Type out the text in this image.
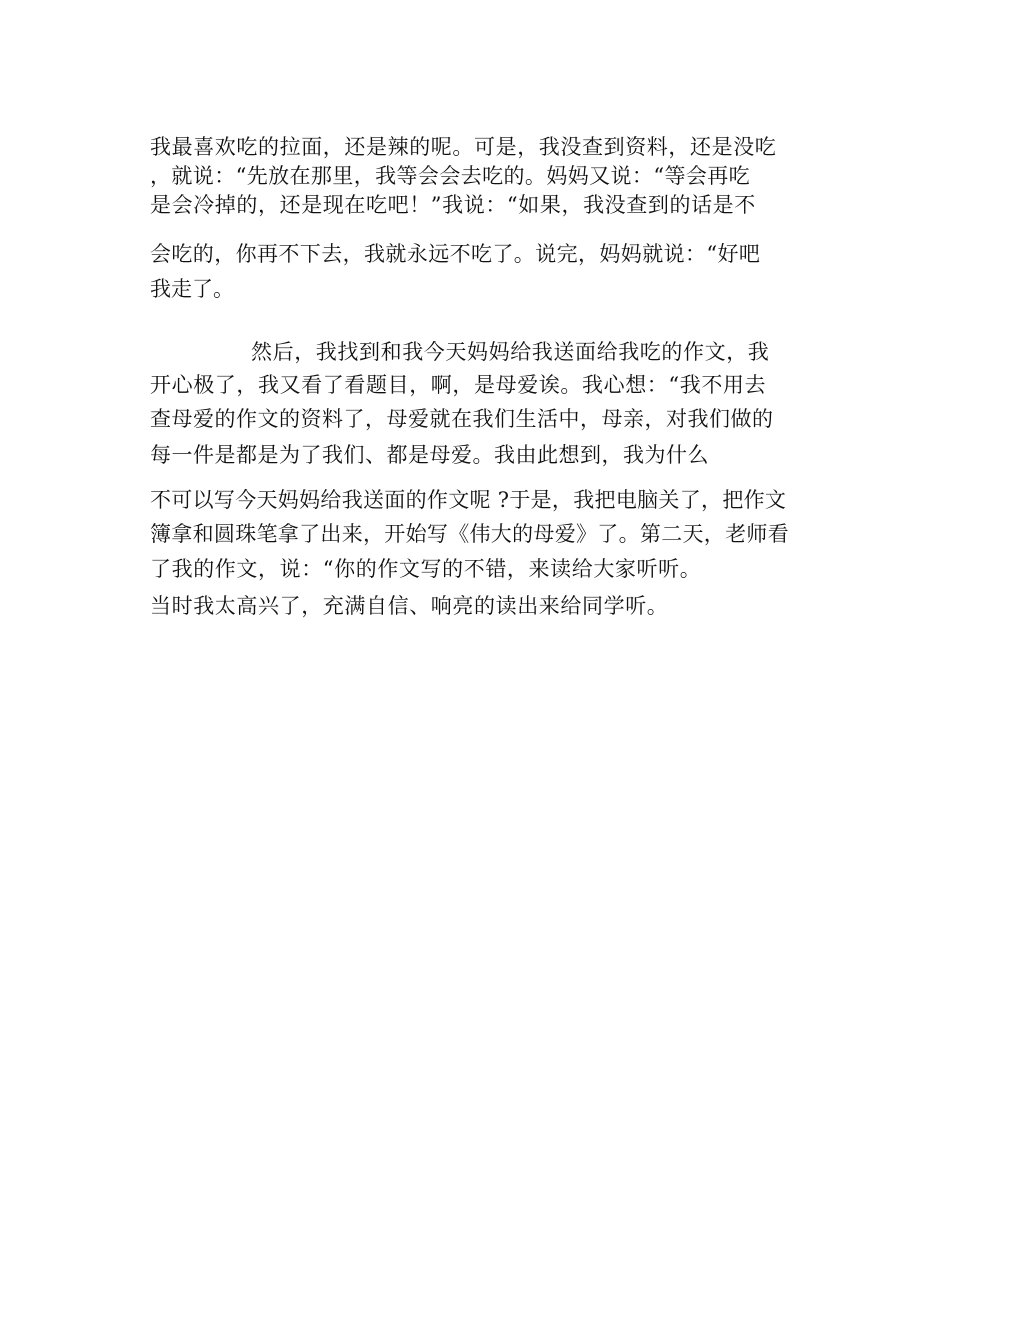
我最喜欢吃的拉面，还是辣的呢。可是，我没查到资料，还是没吃

，就说：“先放在那里，我等会会去吃的。妈妈又说：“等会再吃

是会冷掉的，还是现在吃吧！”我说：“如果，我没查到的话是不

会吃的，你再不下去，我就永远不吃了。说完，妈妈就说：“好吧

我走了。

然后，我找到和我今天妈妈给我送面给我吃的作文，我

开心极了，我又看了看题目，啊，是母爱诶。我心想：“我不用去

查母爱的作文的资料了，母爱就在我们生活中，母亲，对我们做的

每一件是都是为了我们、都是母爱。我由此想到，我为什么

不可以写今天妈妈给我送面的作文呢 ?于是，我把电脑关了，把作文

簿拿和圆珠笔拿了出来，开始写《伟大的母爱》了。第二天，老师看

了我的作文，说：“你的作文写的不错，来读给大家听听。

当时我太高兴了，充满自信、响亮的读出来给同学听。
